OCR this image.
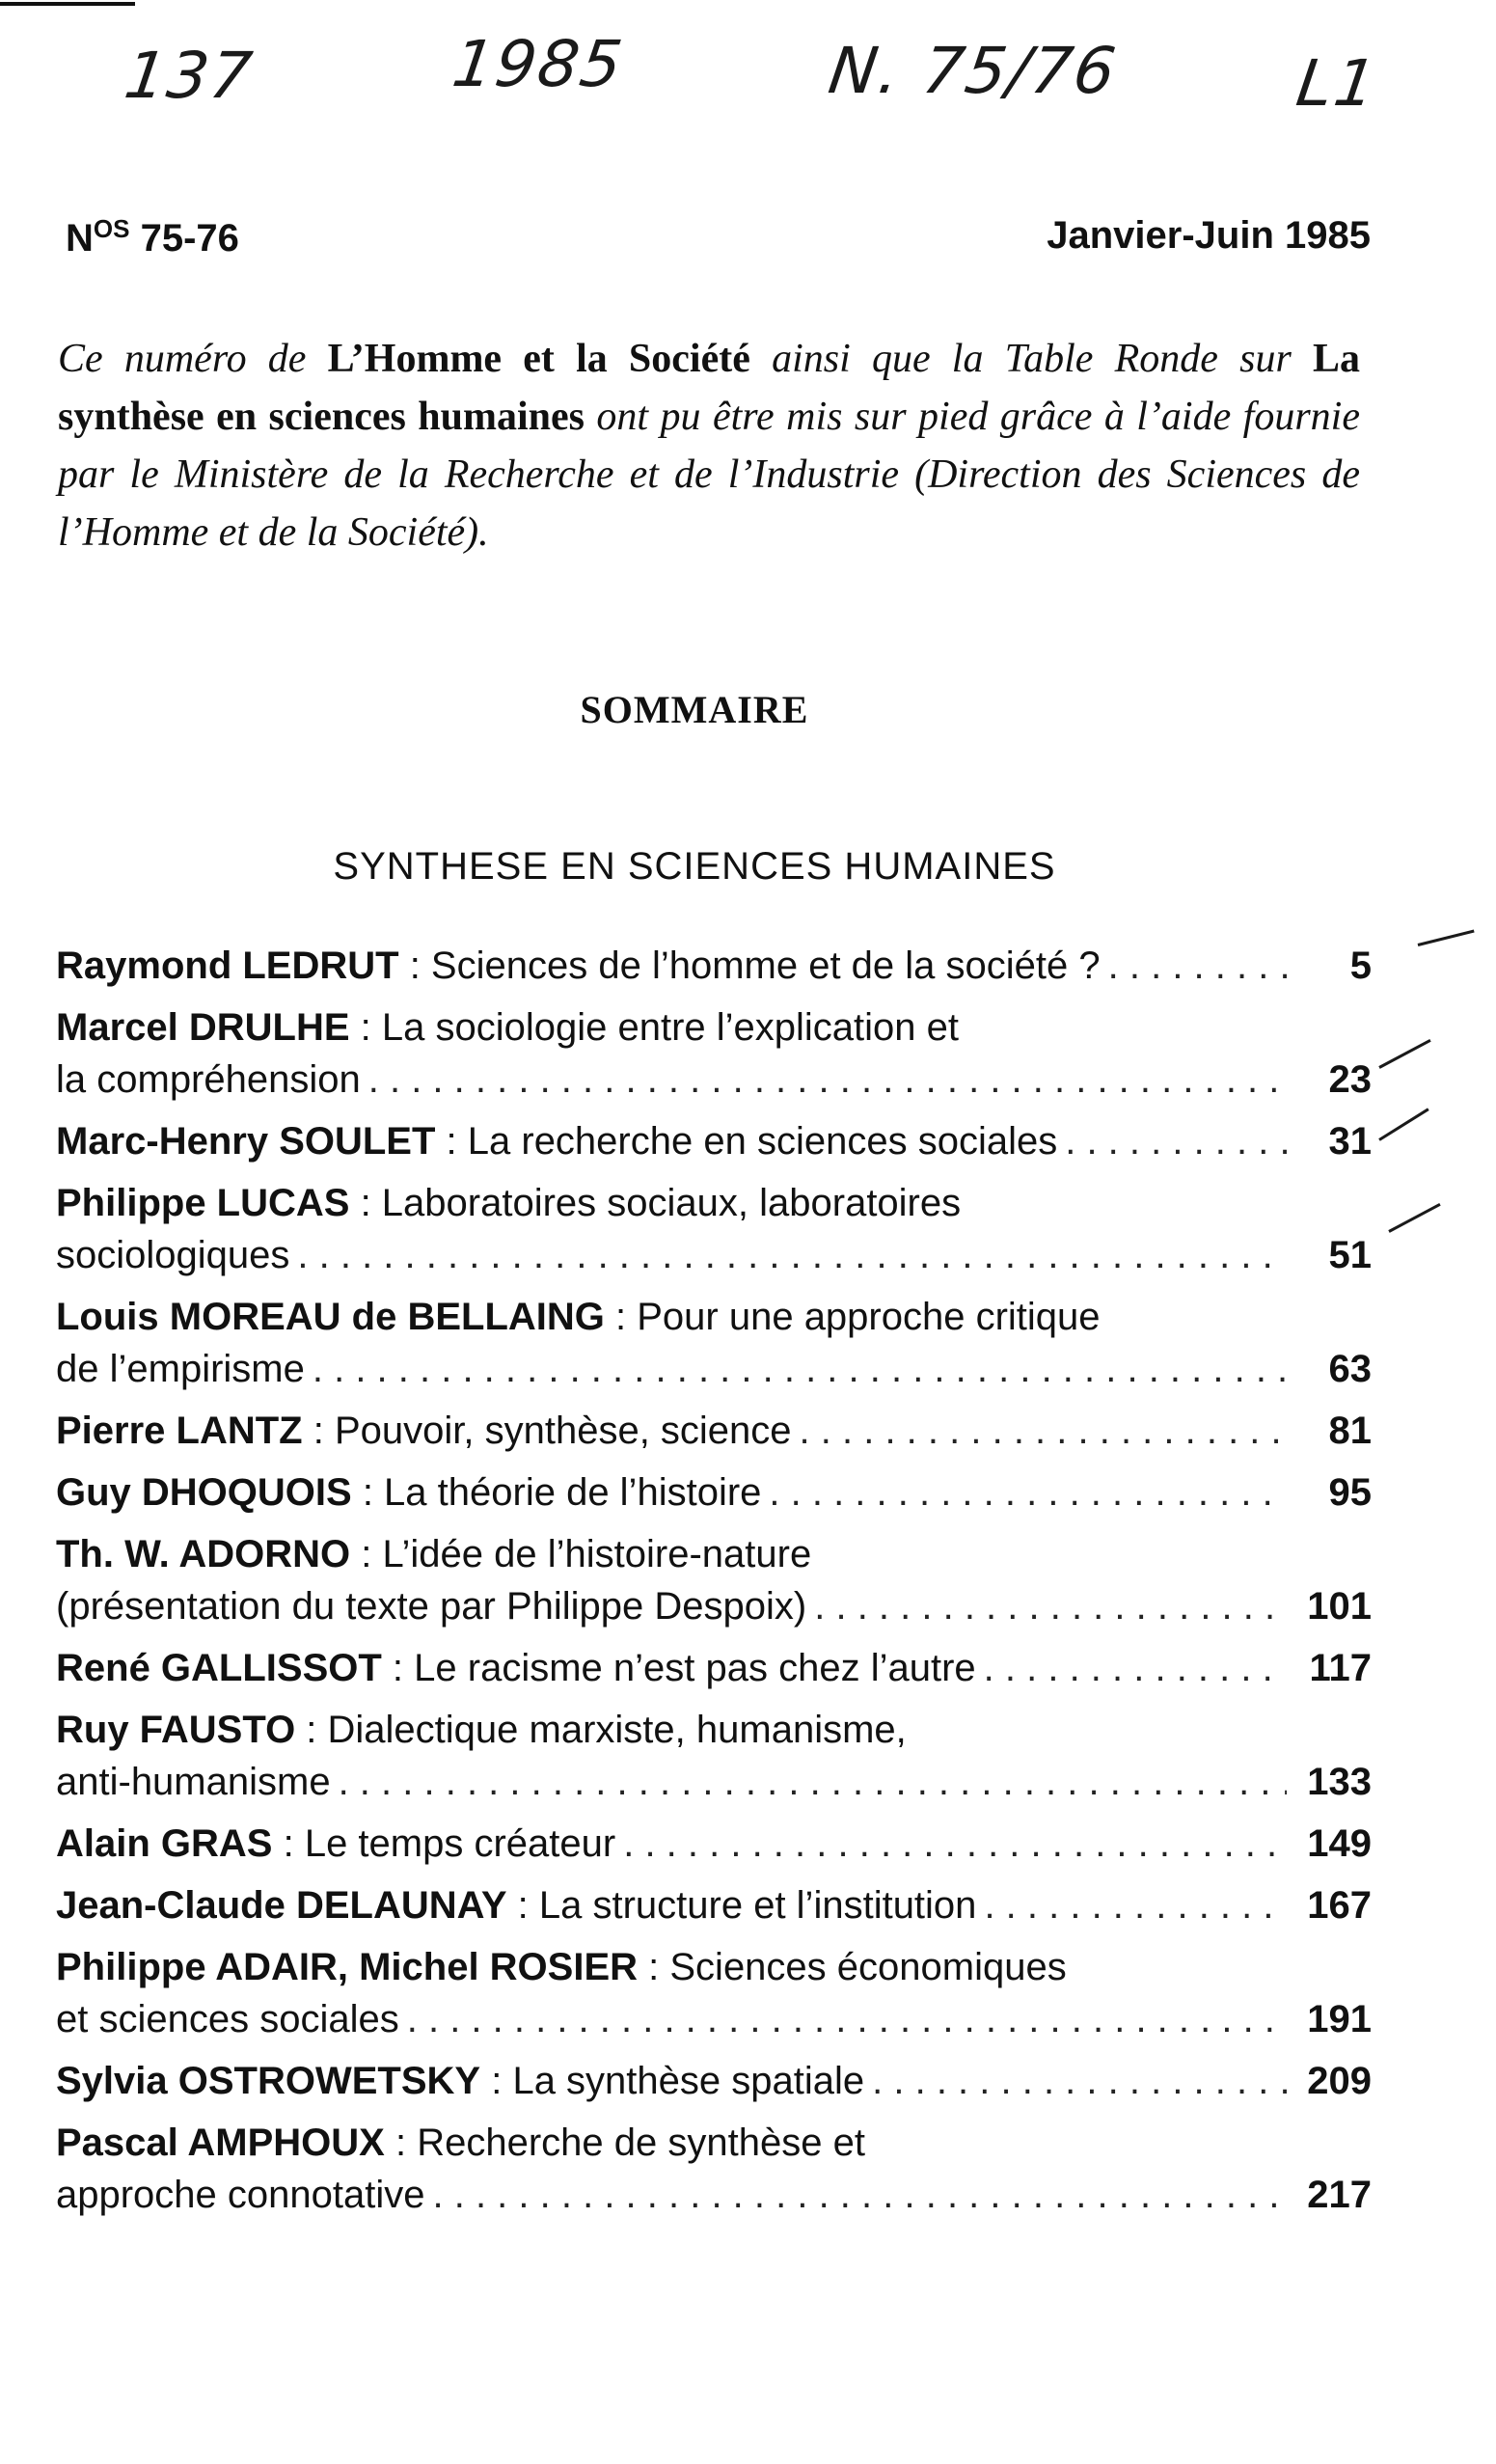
137	1985	N. 75/76	L1
$N^{OS}$ 75-76	Janvier-Juin 1985
Ce numéro de L’Homme et la Société ainsi que la Table Ronde sur La synthèse en sciences humaines ont pu être mis sur pied grâce à l’aide fournie par le Ministère de la Recherche et de l’Industrie (Direction des Sciences de l’Homme et de la Société).
SOMMAIRE
SYNTHESE EN SCIENCES HUMAINES
Raymond LEDRUT : Sciences de l’homme et de la société ? . . .	5
Marcel DRULHE : La sociologie entre l’explication et
la compréhension . . .	23
Marc-Henry SOULET : La recherche en sciences sociales . . .	31
Philippe LUCAS : Laboratoires sociaux, laboratoires
sociologiques . . .	51
Louis MOREAU de BELLAING : Pour une approche critique
de l’empirisme . . .	63
Pierre LANTZ : Pouvoir, synthèse, science . . .	81
Guy DHOQUOIS : La théorie de l’histoire . . .	95
Th. W. ADORNO : L’idée de l’histoire-nature
(présentation du texte par Philippe Despoix) . . .	101
René GALLISSOT : Le racisme n’est pas chez l’autre . . .	117
Ruy FAUSTO : Dialectique marxiste, humanisme,
anti-humanisme . . .	133
Alain GRAS : Le temps créateur . . .	149
Jean-Claude DELAUNAY : La structure et l’institution . . .	167
Philippe ADAIR, Michel ROSIER : Sciences économiques
et sciences sociales . . .	191
Sylvia OSTROWETSKY : La synthèse spatiale . . .	209
Pascal AMPHOUX : Recherche de synthèse et
approche connotative . . .	217
